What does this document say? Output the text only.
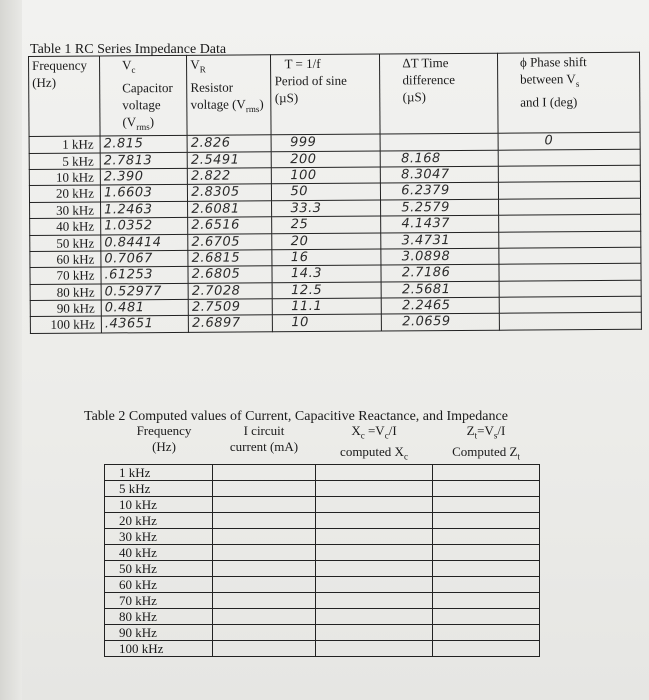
Table 1 RC Series Impedance Data
Frequency
(Hz)	$V_c$
Capacitor
voltage
$(V_{rms})$	$V_R$
Resistor
voltage $(V_{rms})$	T = 1/f
Period of sine
(µS)	ΔT Time
difference
(µS)	ϕ Phase shift
between $V_s$
and I (deg)
1 kHz	2.815	2.826	999		0
5 kHz	2.7813	2.5491	200	8.168	
10 kHz	2.390	2.822	100	8.3047	
20 kHz	1.6603	2.8305	50	6.2379	
30 kHz	1.2463	2.6081	33.3	5.2579	
40 kHz	1.0352	2.6516	25	4.1437	
50 kHz	0.84414	2.6705	20	3.4731	
60 kHz	0.7067	2.6815	16	3.0898	
70 kHz	.61253	2.6805	14.3	2.7186	
80 kHz	0.52977	2.7028	12.5	2.5681	
90 kHz	0.481	2.7509	11.1	2.2465	
100 kHz	.43651	2.6897	10	2.0659	
Table 2 Computed values of Current, Capacitive Reactance, and Impedance
Frequency
(Hz)	I circuit
current (mA)	$X_c =V_c/I$
computed $X_c$	$Z_t=V_s/I$
Computed $Z_t$
1 kHz			
5 kHz			
10 kHz			
20 kHz			
30 kHz			
40 kHz			
50 kHz			
60 kHz			
70 kHz			
80 kHz			
90 kHz			
100 kHz			
